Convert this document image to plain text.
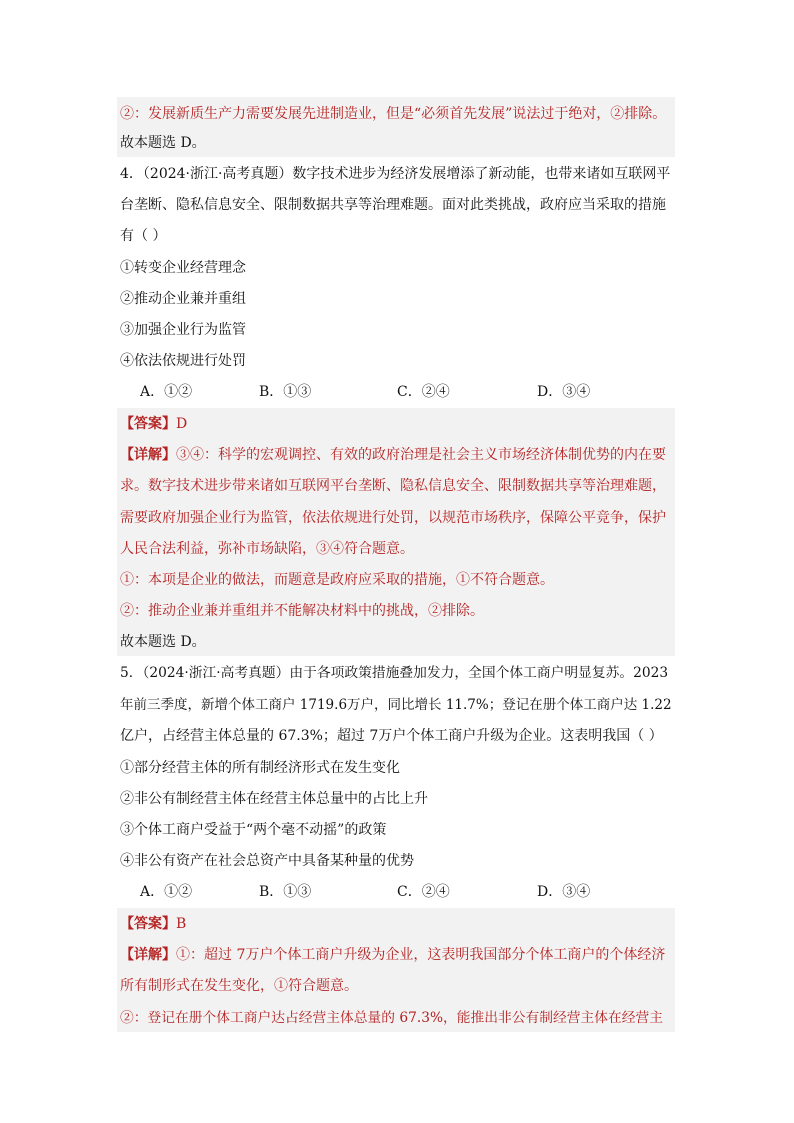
②：发展新质生产力需要发展先进制造业，但是“必须首先发展”说法过于绝对，②排除。
故本题选 D。
4．（2024·浙江·高考真题）数字技术进步为经济发展增添了新动能，也带来诸如互联网平
台垄断、隐私信息安全、限制数据共享等治理难题。面对此类挑战，政府应当采取的措施
有（ ）
①转变企业经营理念
②推动企业兼并重组
③加强企业行为监管
④依法依规进行处罚
A．①②	B．①③	C．②④	D．③④
【答案】D
【详解】③④：科学的宏观调控、有效的政府治理是社会主义市场经济体制优势的内在要
求。数字技术进步带来诸如互联网平台垄断、隐私信息安全、限制数据共享等治理难题，
需要政府加强企业行为监管，依法依规进行处罚，以规范市场秩序，保障公平竞争，保护
人民合法利益，弥补市场缺陷，③④符合题意。
①：本项是企业的做法，而题意是政府应采取的措施，①不符合题意。
②：推动企业兼并重组并不能解决材料中的挑战，②排除。
故本题选 D。
5．（2024·浙江·高考真题）由于各项政策措施叠加发力，全国个体工商户明显复苏。2023
年前三季度，新增个体工商户 1719.6万户，同比增长 11.7%；登记在册个体工商户达 1.22
亿户，占经营主体总量的 67.3%；超过 7万户个体工商户升级为企业。这表明我国（ ）
①部分经营主体的所有制经济形式在发生变化
②非公有制经营主体在经营主体总量中的占比上升
③个体工商户受益于“两个毫不动摇”的政策
④非公有资产在社会总资产中具备某种量的优势
A．①②	B．①③	C．②④	D．③④
【答案】B
【详解】①：超过 7万户个体工商户升级为企业，这表明我国部分个体工商户的个体经济
所有制形式在发生变化，①符合题意。
②：登记在册个体工商户达占经营主体总量的 67.3%，能推出非公有制经营主体在经营主
